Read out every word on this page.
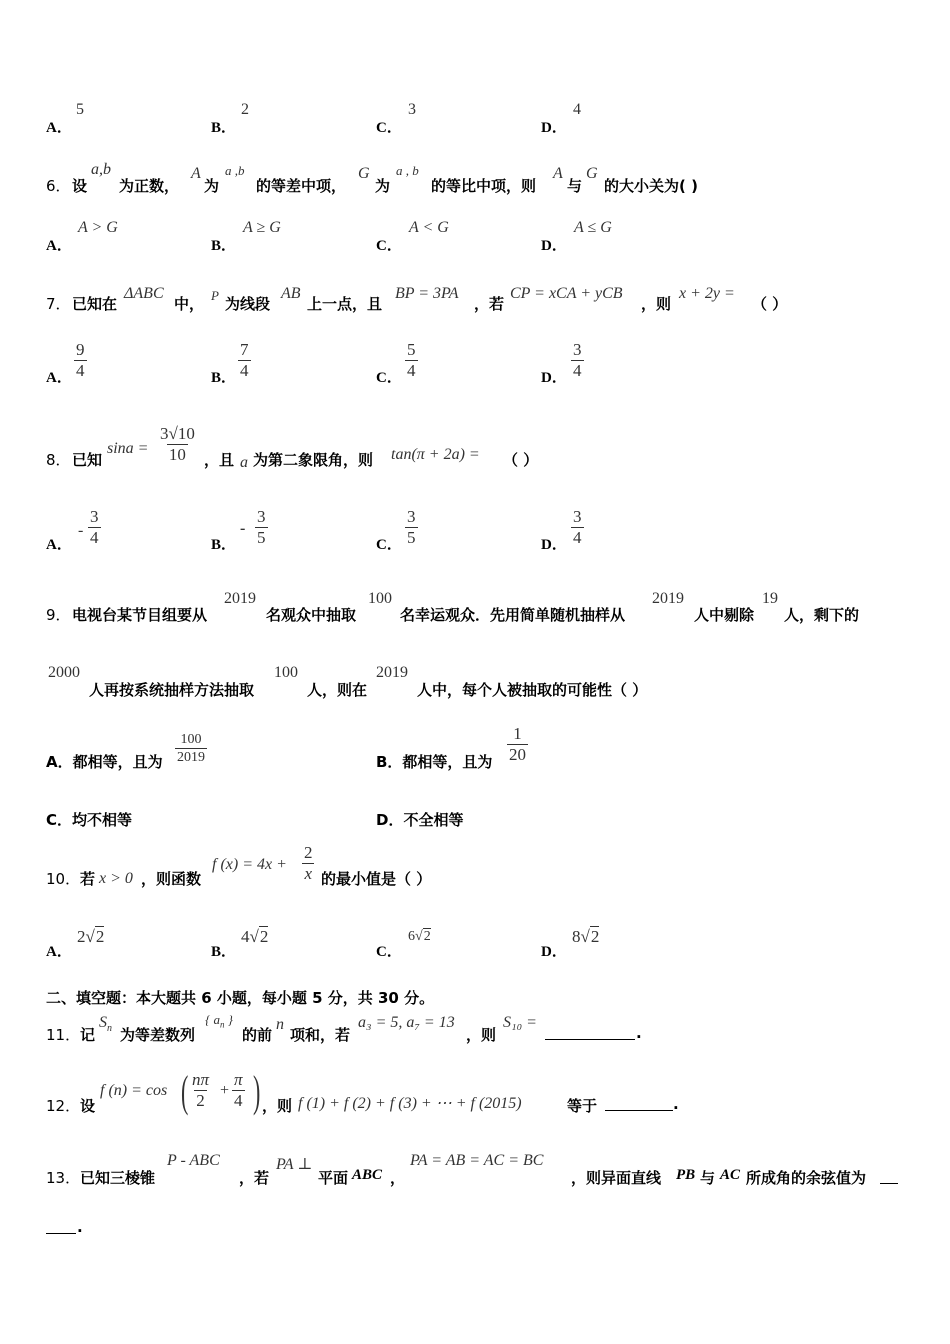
A．
5
B．
2
C．
3
D．
4
6． 设
a,b
为正数，
A
为
a ,b
的等差中项，
G
为
a , b
的等比中项，则
A
与
G
的大小关为( )
A．
A > G
B．
A ≥ G
C．
A < G
D．
A ≤ G
7． 已知在
ΔABC
中， P 为线段
AB
上一点，且
BP = 3PA
，若
CP = xCA + yCB
，则
x + 2y =
（ ）
A． $\frac{9}{4}$	B． $\frac{7}{4}$	C． $\frac{5}{4}$	D． $\frac{3}{4}$
8． 已知
$\sin a = \frac{3√10}{10}$ ，且 a 为第二象限角，则 tan(π + 2a) = （ ）
A．
- $\frac{3}{4}$	B．
- $\frac{3}{5}$	C． $\frac{3}{5}$	D． $\frac{3}{4}$
9． 电视台某节目组要从
2019
名观众中抽取
100
名幸运观众．先用简单随机抽样从
2019
人中剔除
19
人，剩下的
2000
人再按系统抽样方法抽取
100
人，则在
2019
人中，每个人被抽取的可能性（ ）
A．都相等，且为 $\frac{100}{2019}$	B．都相等，且为 $\frac{1}{20}$
C．均不相等	D．不全相等
10． 若 x > 0 ，则函数
f $(x) = 4x + \frac{2}{x}$ 的最小值是（ ）
A．
2√2
B．
4√2
C．
6√2
D．
8√2
二、填空题：本大题共 6 小题，每小题 5 分，共 30 分。
11． 记
$S_n$ 为等差数列
{ $a_n$ }
的前
n
项和，若
a₃ = 5, a₇ = 13
，则
S₁₀ =
.
12． 设
f (n) = cos ( $\frac{n\pi}{2} + \frac{\pi}{4}$ ) ，则 f (1) + f (2) + f (3) + ⋯ + f (2015)	等于	.
13． 已知三棱锥
P - ABC
，若
PA ⊥
平面 ABC ，
PA = AB = AC = BC
，则异面直线 PB 与 AC 所成角的余弦值为
.
